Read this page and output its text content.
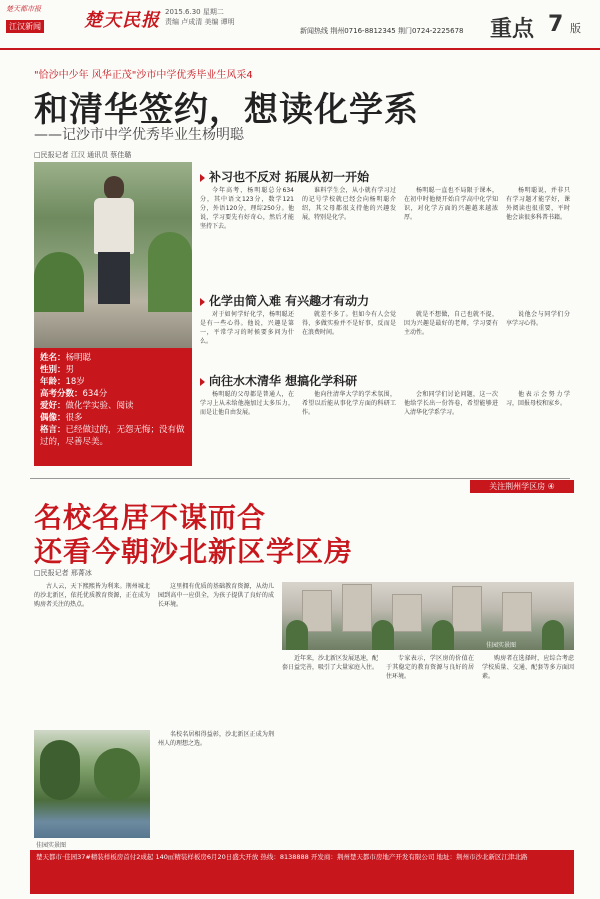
楚天都市报
江汉新闻	楚天民报 2015.6.30 星期二
责编 卢成清 美编 谭明
新闻热线 荆州0716-8812345 荆门0724-2225678 重点 7 版
"恰沙中少年 风华正茂"沙市中学优秀毕业生风采4
和清华签约，想读化学系
——记沙市中学优秀毕业生杨明聪
□民报记者 江汉 通讯员 蔡佳璐
姓名：杨明聪
性别：男
年龄：18岁
高考分数：634分
爱好：做化学实验、阅读
偶像：很多
格言：已经做过的，无怨无悔；没有做过的，尽善尽美。
补习也不反对 拓展从初一开始
化学由简入难 有兴趣才有动力
向往水木清华 想搞化学科研

今年高考，杨明聪总分634分，其中语文123分，数学121分，外语120分，理综250分。他说，学习要先有好奇心，然后才能坚持下去。

谁料学生会，从小就有学习过的记号学校就已经会向杨明聪介绍，其父母都很支持他的兴趣发展，特别是化学。

杨明聪一直也不局限于课本，在初中时他便开始自学高中化学知识，对化学方面的兴趣越来越浓厚。

杨明聪说，并非只有学习题才能学好，课外阅读也很重要，平时他会读很多科普书籍。

对于如何学好化学，杨明聪还是有一些心得。他说，兴趣是第一，平常学习的时候要多问为什么。

就差不多了。但如今有人会觉得，多做实验并不是好事，反而是在浪费时间。

就是不想做，自己也就不提，因为兴趣是最好的老师，学习要有主动性。

说他会与同学们分享学习心得。

杨明聪的父母都是普通人，在学习上从未给他施加过太多压力，而是让他自由发展。

他向往清华大学的学术氛围，希望以后能从事化学方面的科研工作。

会和同学们讨论问题，这一次他给学长出一份答卷，希望能够进入清华化学系学习。

他表示会努力学习，回报母校和家乡。

关注荆州学区房 ④
名校名居不谋而合
还看今朝沙北新区学区房
□民报记者 邢菁冰

古人云，天下熙熙皆为利来。荆州城北的沙北新区，依托优质教育资源，正在成为购房者关注的热点。

这里拥有优质的基础教育资源，从幼儿园到高中一应俱全，为孩子提供了良好的成长环境。

近年来，沙北新区发展迅速，配套日益完善，吸引了大量家庭入住。

专家表示，学区房的价值在于其稳定的教育资源与良好的居住环境。

购房者在选择时，应综合考虑学校质量、交通、配套等多方面因素。

名校名居相得益彰，沙北新区正成为荆州人的理想之选。

佳园实景图
佳园实景图
楚天都市·佳园37#精装样板房首付2成起 140㎡精装样板房6月20日盛大开放 热线：8138888 开发商：荆州楚天都市房地产开发有限公司 地址：荆州市沙北新区江津北路
